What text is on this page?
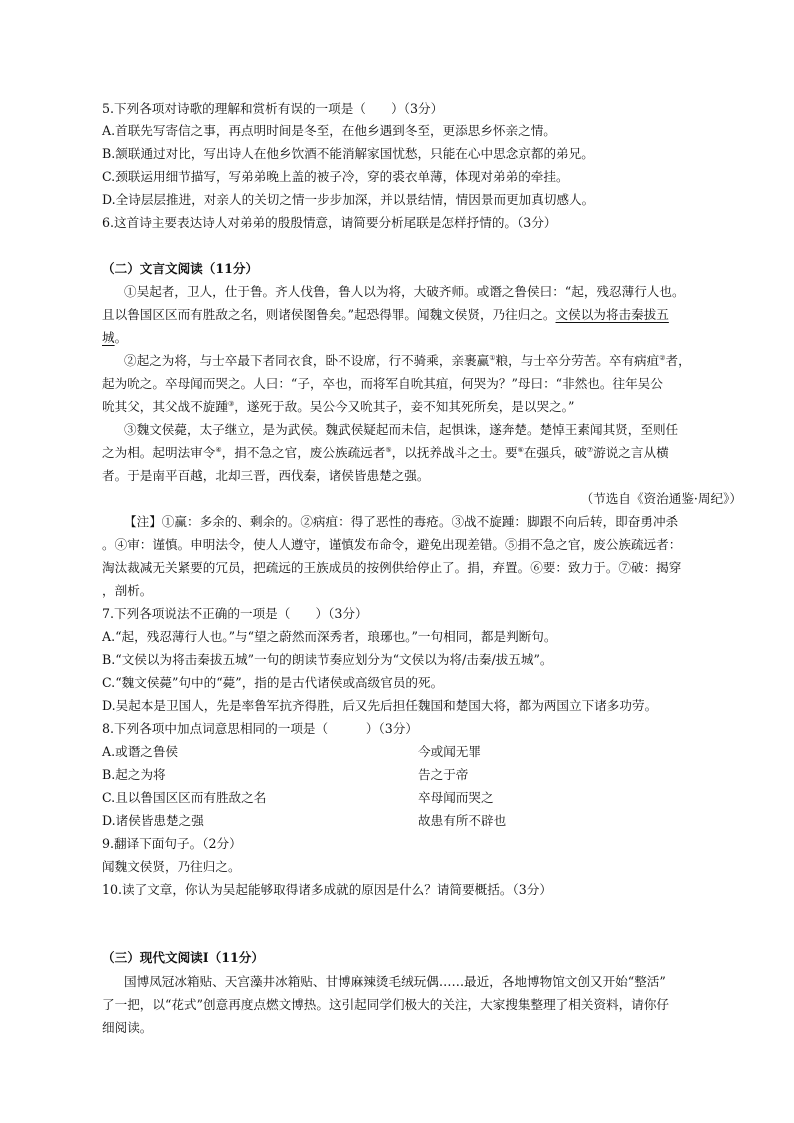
5.下列各项对诗歌的理解和赏析有误的一项是（　　）（3分）

A.首联先写寄信之事，再点明时间是冬至，在他乡遇到冬至，更添思乡怀亲之情。

B.颔联通过对比，写出诗人在他乡饮酒不能消解家国忧愁，只能在心中思念京都的弟兄。

C.颈联运用细节描写，写弟弟晚上盖的被子冷，穿的裘衣单薄，体现对弟弟的牵挂。

D.全诗层层推进，对亲人的关切之情一步步加深，并以景结情，情因景而更加真切感人。

6.这首诗主要表达诗人对弟弟的殷殷情意，请简要分析尾联是怎样抒情的。（3分）

（二）文言文阅读（11分）

①吴起者，卫人，仕于鲁。齐人伐鲁，鲁人以为将，大破齐师。或谮之鲁侯曰：“起，残忍薄行人也。

且以鲁国区区而有胜敌之名，则诸侯图鲁矣。”起恐得罪。闻魏文侯贤，乃往归之。文侯以为将击秦拔五

城。

②起之为将，与士卒最下者同衣食，卧不设席，行不骑乘，亲裹赢①粮，与士卒分劳苦。卒有病疽②者，

起为吮之。卒母闻而哭之。人曰：“子，卒也，而将军自吮其疽，何哭为？”母曰：“非然也。往年吴公

吮其父，其父战不旋踵③，遂死于敌。吴公今又吮其子，妾不知其死所矣，是以哭之。”

③魏文侯薨，太子继立，是为武侯。魏武侯疑起而未信，起惧诛，遂奔楚。楚悼王素闻其贤，至则任

之为相。起明法审令④，捐不急之官，废公族疏远者⑤，以抚养战斗之士。要⑥在强兵，破⑦游说之言从横

者。于是南平百越，北却三晋，西伐秦，诸侯皆患楚之强。

（节选自《资治通鉴·周纪》）

【注】①赢：多余的、剩余的。②病疽：得了恶性的毒疮。③战不旋踵：脚跟不向后转，即奋勇冲杀

。④审：谨慎。申明法令，使人人遵守，谨慎发布命令，避免出现差错。⑤捐不急之官，废公族疏远者：

淘汰裁减无关紧要的冗员，把疏远的王族成员的按例供给停止了。捐，弃置。⑥要：致力于。⑦破：揭穿

，剖析。

7.下列各项说法不正确的一项是（　　）（3分）

A.“起，残忍薄行人也。”与“望之蔚然而深秀者，琅琊也。”一句相同，都是判断句。

B.“文侯以为将击秦拔五城”一句的朗读节奏应划分为“文侯以为将/击秦/拔五城”。

C.“魏文侯薨”句中的“薨”，指的是古代诸侯或高级官员的死。

D.吴起本是卫国人，先是率鲁军抗齐得胜，后又先后担任魏国和楚国大将，都为两国立下诸多功劳。

8.下列各项中加点词意思相同的一项是（　　　）（3分）

A.或谮之鲁侯	今或闻无罪

B.起之为将	告之于帝

C.且以鲁国区区而有胜敌之名	卒母闻而哭之

D.诸侯皆患楚之强	故患有所不辟也

9.翻译下面句子。（2分）

闻魏文侯贤，乃往归之。

10.读了文章，你认为吴起能够取得诸多成就的原因是什么？请简要概括。（3分）

（三）现代文阅读Ⅰ（11分）

国博凤冠冰箱贴、天宫藻井冰箱贴、甘博麻辣烫毛绒玩偶……最近，各地博物馆文创又开始“整活”

了一把，以“花式”创意再度点燃文博热。这引起同学们极大的关注，大家搜集整理了相关资料，请你仔

细阅读。
